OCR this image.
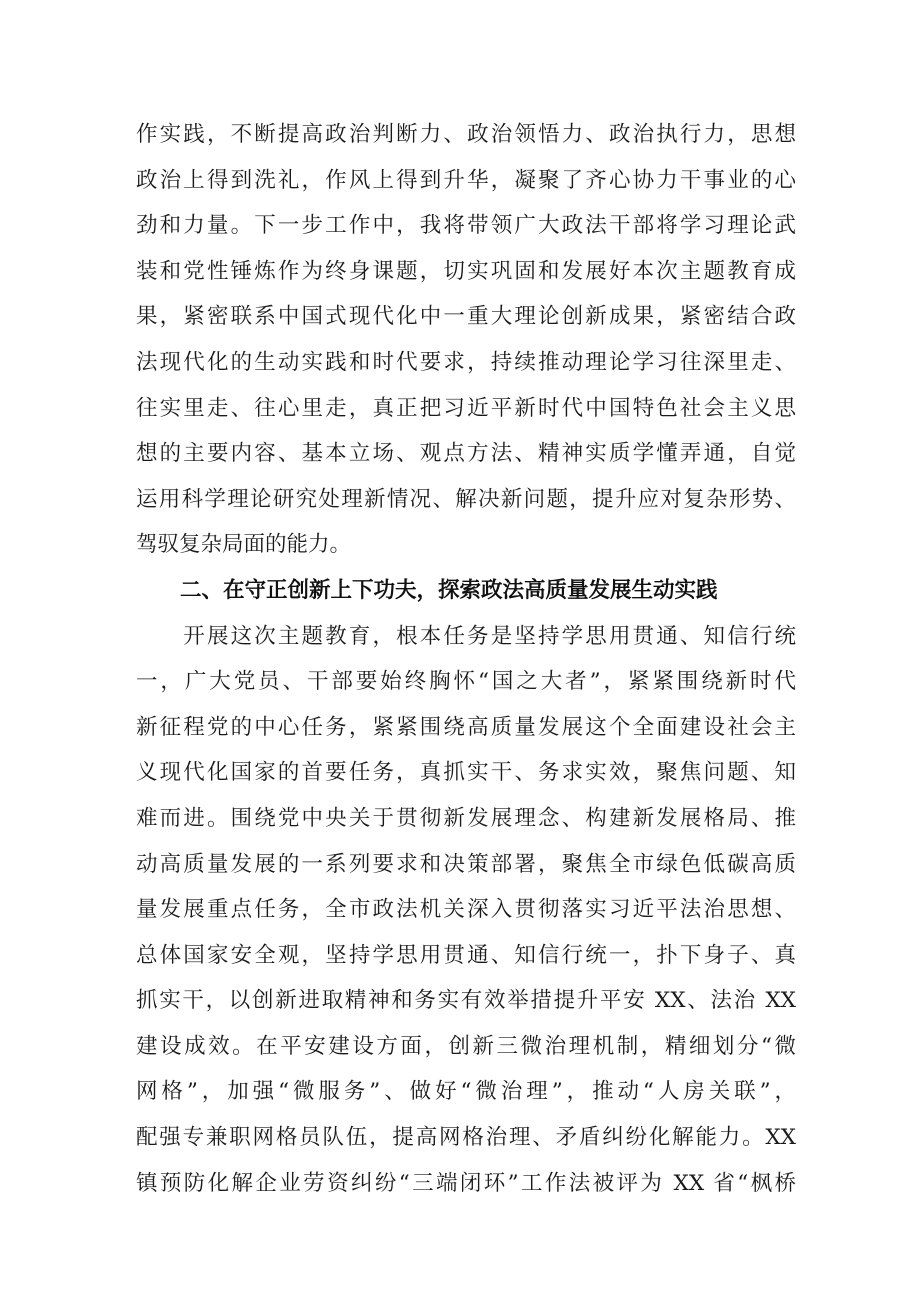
作实践，不断提高政治判断力、政治领悟力、政治执行力，思想
政治上得到洗礼，作风上得到升华，凝聚了齐心协力干事业的心
劲和力量。下一步工作中，我将带领广大政法干部将学习理论武
装和党性锤炼作为终身课题，切实巩固和发展好本次主题教育成
果，紧密联系中国式现代化中一重大理论创新成果，紧密结合政
法现代化的生动实践和时代要求，持续推动理论学习往深里走、
往实里走、往心里走，真正把习近平新时代中国特色社会主义思
想的主要内容、基本立场、观点方法、精神实质学懂弄通，自觉
运用科学理论研究处理新情况、解决新问题，提升应对复杂形势、
驾驭复杂局面的能力。
二、在守正创新上下功夫，探索政法高质量发展生动实践
　　开展这次主题教育，根本任务是坚持学思用贯通、知信行统
一，广大党员、干部要始终胸怀“国之大者”，紧紧围绕新时代
新征程党的中心任务，紧紧围绕高质量发展这个全面建设社会主
义现代化国家的首要任务，真抓实干、务求实效，聚焦问题、知
难而进。围绕党中央关于贯彻新发展理念、构建新发展格局、推
动高质量发展的一系列要求和决策部署，聚焦全市绿色低碳高质
量发展重点任务，全市政法机关深入贯彻落实习近平法治思想、
总体国家安全观，坚持学思用贯通、知信行统一，扑下身子、真
抓实干，以创新进取精神和务实有效举措提升平安 XX、法治 XX
建设成效。在平安建设方面，创新三微治理机制，精细划分“微
网格”，加强“微服务”、做好“微治理”，推动“人房关联”，
配强专兼职网格员队伍，提高网格治理、矛盾纠纷化解能力。XX
镇预防化解企业劳资纠纷“三端闭环”工作法被评为 XX 省“枫桥
